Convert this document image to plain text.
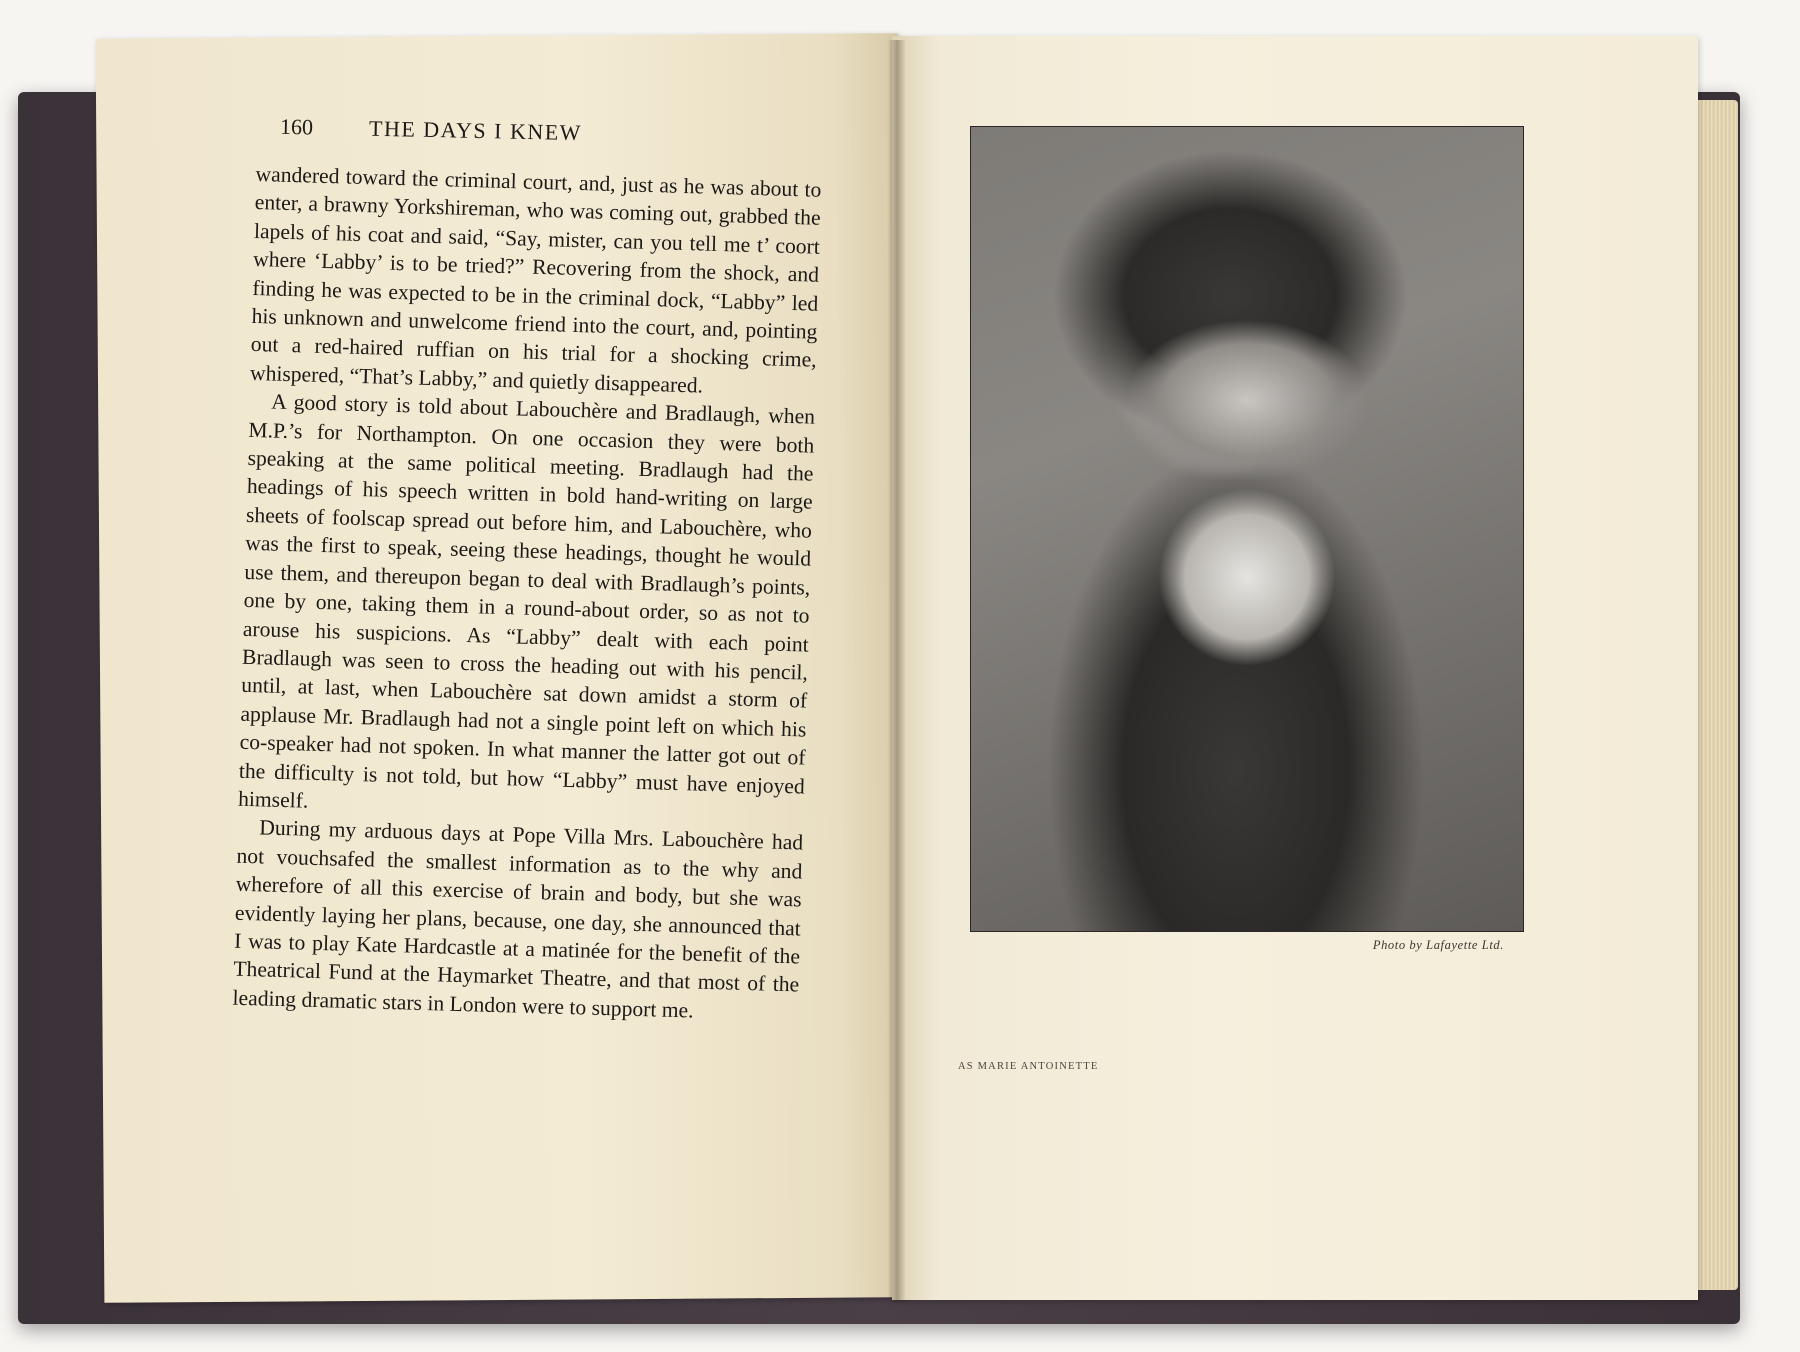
160	THE DAYS I KNEW

wandered toward the criminal court, and, just as he was about to enter, a brawny Yorkshireman, who was coming out, grabbed the lapels of his coat and said, “Say, mister, can you tell me t’ coort where ‘Labby’ is to be tried?” Recovering from the shock, and finding he was expected to be in the criminal dock, “Labby” led his unknown and unwelcome friend into the court, and, pointing out a red-haired ruffian on his trial for a shocking crime, whispered, “That’s Labby,” and quietly disappeared.

A good story is told about Labouchère and Bradlaugh, when M.P.’s for Northampton. On one occasion they were both speaking at the same political meeting. Bradlaugh had the headings of his speech written in bold hand-writing on large sheets of foolscap spread out before him, and Labouchère, who was the first to speak, seeing these headings, thought he would use them, and thereupon began to deal with Bradlaugh’s points, one by one, taking them in a round-about order, so as not to arouse his suspicions. As “Labby” dealt with each point Bradlaugh was seen to cross the heading out with his pencil, until, at last, when Labouchère sat down amidst a storm of applause Mr. Bradlaugh had not a single point left on which his co-speaker had not spoken. In what manner the latter got out of the difficulty is not told, but how “Labby” must have enjoyed himself.

During my arduous days at Pope Villa Mrs. Labouchère had not vouchsafed the smallest information as to the why and wherefore of all this exercise of brain and body, but she was evidently laying her plans, because, one day, she announced that I was to play Kate Hardcastle at a matinée for the benefit of the Theatrical Fund at the Haymarket Theatre, and that most of the leading dramatic stars in London were to support me.

Photo by Lafayette Ltd.
AS MARIE ANTOINETTE
